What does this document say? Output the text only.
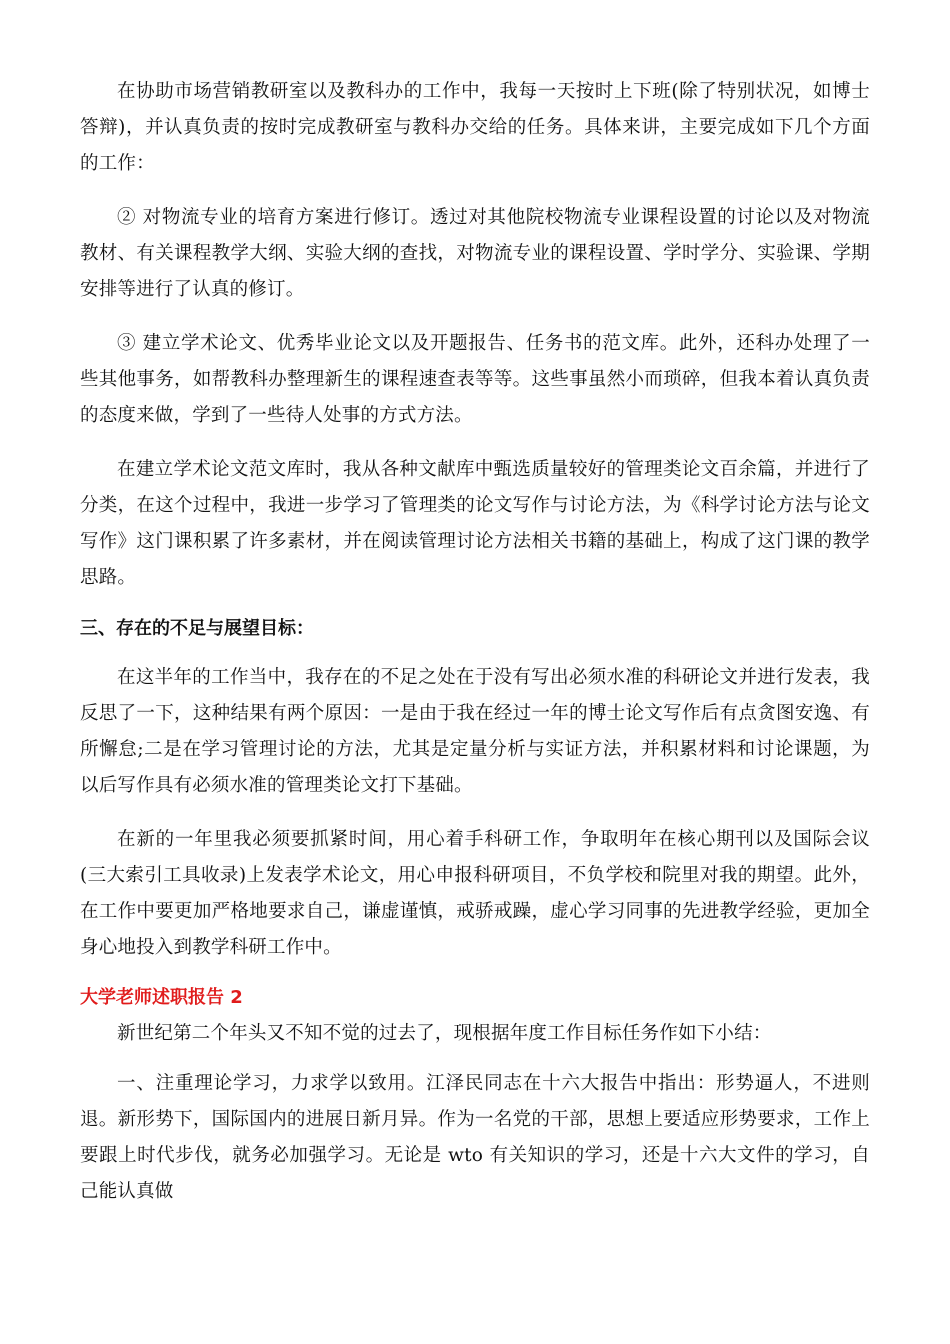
在协助市场营销教研室以及教科办的工作中，我每一天按时上下班(除了特别状况，如博士答辩)，并认真负责的按时完成教研室与教科办交给的任务。具体来讲，主要完成如下几个方面的工作：

② 对物流专业的培育方案进行修订。透过对其他院校物流专业课程设置的讨论以及对物流教材、有关课程教学大纲、实验大纲的查找，对物流专业的课程设置、学时学分、实验课、学期安排等进行了认真的修订。

③ 建立学术论文、优秀毕业论文以及开题报告、任务书的范文库。此外，还科办处理了一些其他事务，如帮教科办整理新生的课程速查表等等。这些事虽然小而琐碎，但我本着认真负责的态度来做，学到了一些待人处事的方式方法。

在建立学术论文范文库时，我从各种文献库中甄选质量较好的管理类论文百余篇，并进行了分类，在这个过程中，我进一步学习了管理类的论文写作与讨论方法，为《科学讨论方法与论文写作》这门课积累了许多素材，并在阅读管理讨论方法相关书籍的基础上，构成了这门课的教学思路。

三、存在的不足与展望目标：

在这半年的工作当中，我存在的不足之处在于没有写出必须水准的科研论文并进行发表，我反思了一下，这种结果有两个原因：一是由于我在经过一年的博士论文写作后有点贪图安逸、有所懈怠;二是在学习管理讨论的方法，尤其是定量分析与实证方法，并积累材料和讨论课题，为以后写作具有必须水准的管理类论文打下基础。

在新的一年里我必须要抓紧时间，用心着手科研工作，争取明年在核心期刊以及国际会议(三大索引工具收录)上发表学术论文，用心申报科研项目，不负学校和院里对我的期望。此外，在工作中要更加严格地要求自己，谦虚谨慎，戒骄戒躁，虚心学习同事的先进教学经验，更加全身心地投入到教学科研工作中。

大学老师述职报告 2

新世纪第二个年头又不知不觉的过去了，现根据年度工作目标任务作如下小结：

一、注重理论学习，力求学以致用。江泽民同志在十六大报告中指出：形势逼人，不进则退。新形势下，国际国内的进展日新月异。作为一名党的干部，思想上要适应形势要求，工作上要跟上时代步伐，就务必加强学习。无论是 wto 有关知识的学习，还是十六大文件的学习，自己能认真做
